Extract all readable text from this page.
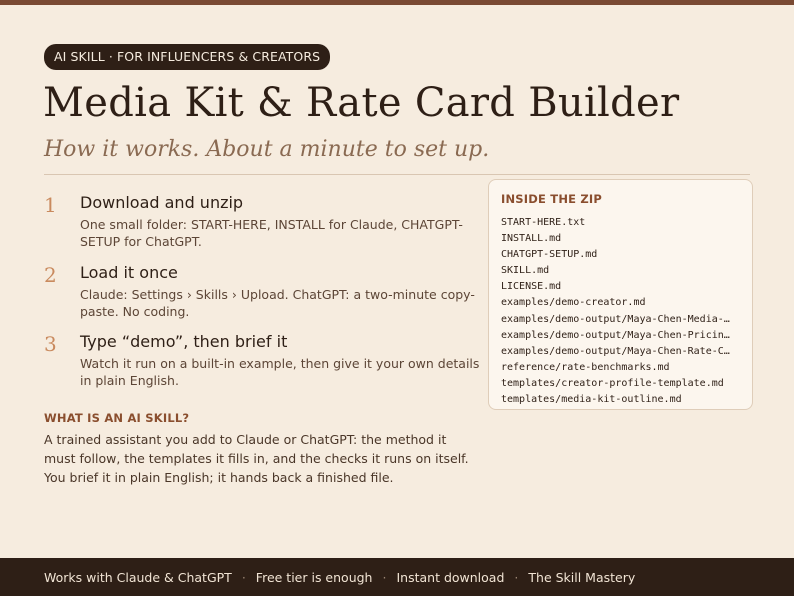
AI SKILL · FOR INFLUENCERS & CREATORS
Media Kit & Rate Card Builder
How it works. About a minute to set up.
1 Download and unzip
One small folder: START-HERE, INSTALL for Claude, CHATGPT-SETUP for ChatGPT.
2 Load it once
Claude: Settings › Skills › Upload. ChatGPT: a two-minute copy-paste. No coding.
3 Type “demo”, then brief it
Watch it run on a built-in example, then give it your own details in plain English.
WHAT IS AN AI SKILL?

A trained assistant you add to Claude or ChatGPT: the method it must follow, the templates it fills in, and the checks it runs on itself. You brief it in plain English; it hands back a finished file.

INSIDE THE ZIP
START-HERE.txt
INSTALL.md
CHATGPT-SETUP.md
SKILL.md
LICENSE.md
examples/demo-creator.md
examples/demo-output/Maya-Chen-Media-…
examples/demo-output/Maya-Chen-Pricin…
examples/demo-output/Maya-Chen-Rate-C…
reference/rate-benchmarks.md
templates/creator-profile-template.md
templates/media-kit-outline.md
Works with Claude & ChatGPT · Free tier is enough · Instant download · The Skill Mastery
